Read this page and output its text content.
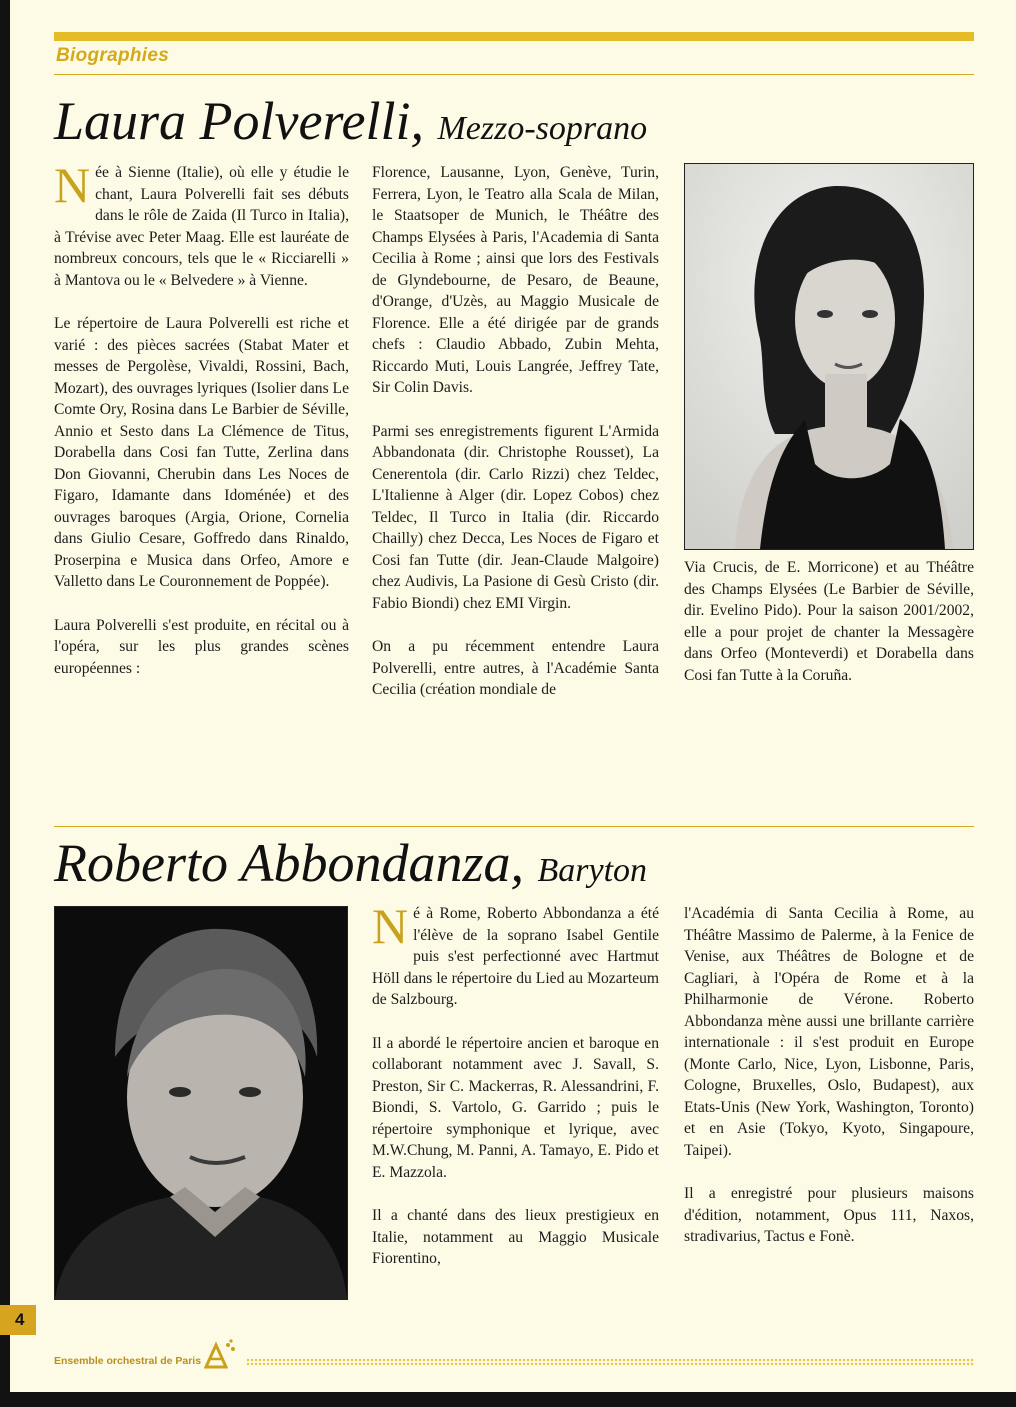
Biographies
Laura Polverelli, Mezzo-soprano

Née à Sienne (Italie), où elle y étudie le chant, Laura Polverelli fait ses débuts dans le rôle de Zaida (Il Turco in Italia), à Trévise avec Peter Maag. Elle est lauréate de nombreux concours, tels que le « Ricciarelli » à Mantova ou le « Belvedere » à Vienne.

Le répertoire de Laura Polverelli est riche et varié : des pièces sacrées (Stabat Mater et messes de Pergolèse, Vivaldi, Rossini, Bach, Mozart), des ouvrages lyriques (Isolier dans Le Comte Ory, Rosina dans Le Barbier de Séville, Annio et Sesto dans La Clémence de Titus, Dorabella dans Cosi fan Tutte, Zerlina dans Don Giovanni, Cherubin dans Les Noces de Figaro, Idamante dans Idoménée) et des ouvrages baroques (Argia, Orione, Cornelia dans Giulio Cesare, Goffredo dans Rinaldo, Proserpina e Musica dans Orfeo, Amore e Valletto dans Le Couronnement de Poppée).

Laura Polverelli s'est produite, en récital ou à l'opéra, sur les plus grandes scènes européennes :

Florence, Lausanne, Lyon, Genève, Turin, Ferrera, Lyon, le Teatro alla Scala de Milan, le Staatsoper de Munich, le Théâtre des Champs Elysées à Paris, l'Academia di Santa Cecilia à Rome ; ainsi que lors des Festivals de Glyndebourne, de Pesaro, de Beaune, d'Orange, d'Uzès, au Maggio Musicale de Florence. Elle a été dirigée par de grands chefs : Claudio Abbado, Zubin Mehta, Riccardo Muti, Louis Langrée, Jeffrey Tate, Sir Colin Davis.

Parmi ses enregistrements figurent L'Armida Abbandonata (dir. Christophe Rousset), La Cenerentola (dir. Carlo Rizzi) chez Teldec, L'Italienne à Alger (dir. Lopez Cobos) chez Teldec, Il Turco in Italia (dir. Riccardo Chailly) chez Decca, Les Noces de Figaro et Cosi fan Tutte (dir. Jean-Claude Malgoire) chez Audivis, La Pasione di Gesù Cristo (dir. Fabio Biondi) chez EMI Virgin.

On a pu récemment entendre Laura Polverelli, entre autres, à l'Académie Santa Cecilia (création mondiale de

Via Crucis, de E. Morricone) et au Théâtre des Champs Elysées (Le Barbier de Séville, dir. Evelino Pido). Pour la saison 2001/2002, elle a pour projet de chanter la Messagère dans Orfeo (Monteverdi) et Dorabella dans Cosi fan Tutte à la Coruña.

Roberto Abbondanza, Baryton

Né à Rome, Roberto Abbondanza a été l'élève de la soprano Isabel Gentile puis s'est perfectionné avec Hartmut Höll dans le répertoire du Lied au Mozarteum de Salzbourg.

Il a abordé le répertoire ancien et baroque en collaborant notamment avec J. Savall, S. Preston, Sir C. Mackerras, R. Alessandrini, F. Biondi, S. Vartolo, G. Garrido ; puis le répertoire symphonique et lyrique, avec M.W.Chung, M. Panni, A. Tamayo, E. Pido et E. Mazzola.

Il a chanté dans des lieux prestigieux en Italie, notamment au Maggio Musicale Fiorentino,

l'Académia di Santa Cecilia à Rome, au Théâtre Massimo de Palerme, à la Fenice de Venise, aux Théâtres de Bologne et de Cagliari, à l'Opéra de Rome et à la Philharmonie de Vérone. Roberto Abbondanza mène aussi une brillante carrière internationale : il s'est produit en Europe (Monte Carlo, Nice, Lyon, Lisbonne, Paris, Cologne, Bruxelles, Oslo, Budapest), aux Etats-Unis (New York, Washington, Toronto) et en Asie (Tokyo, Kyoto, Singapoure, Taipei).

Il a enregistré pour plusieurs maisons d'édition, notamment, Opus 111, Naxos, stradivarius, Tactus e Fonè.

4
Ensemble orchestral de Paris
